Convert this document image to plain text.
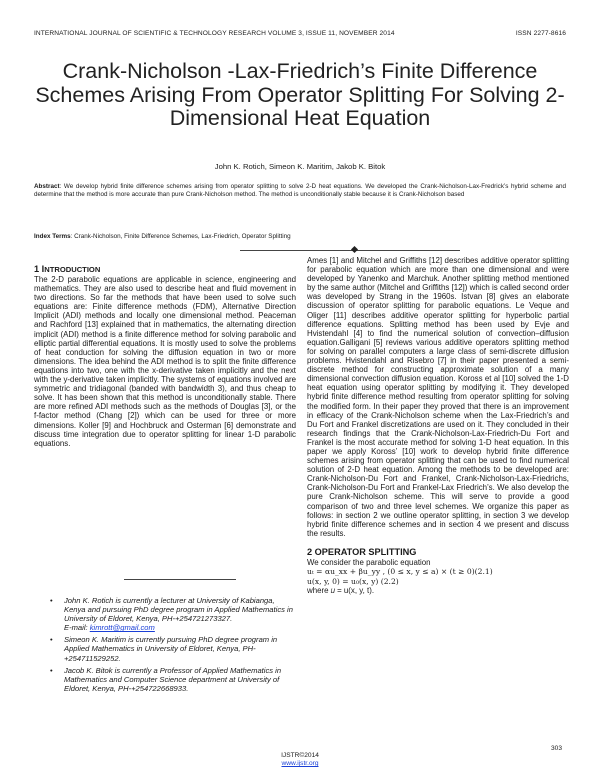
INTERNATIONAL JOURNAL OF SCIENTIFIC & TECHNOLOGY RESEARCH VOLUME 3, ISSUE 11, NOVEMBER 2014	ISSN 2277-8616
Crank-Nicholson -Lax-Friedrich’s Finite Difference Schemes Arising From Operator Splitting For Solving 2-Dimensional Heat Equation
John K. Rotich, Simeon K. Maritim, Jakob K. Bitok
Abstract: We develop hybrid finite difference schemes arising from operator splitting to solve 2-D heat equations. We developed the Crank-Nicholson-Lax-Fredrick’s hybrid scheme and determine that the method is more accurate than pure Crank-Nicholson method. The method is unconditionally stable because it is Crank-Nicholson based
Index Terms: Crank-Nicholson, Finite Difference Schemes, Lax-Friedrich, Operator Splitting
1 INTRODUCTION
The 2-D parabolic equations are applicable in science, engineering and mathematics. They are also used to describe heat and fluid movement in two directions. So far the methods that have been used to solve such equations are: Finite difference methods (FDM), Alternative Direction Implicit (ADI) methods and locally one dimensional method. Peaceman and Rachford [13] explained that in mathematics, the alternating direction implicit (ADI) method is a finite difference method for solving parabolic and elliptic partial differential equations. It is mostly used to solve the problems of heat conduction for solving the diffusion equation in two or more dimensions. The idea behind the ADI method is to split the finite difference equations into two, one with the x-derivative taken implicitly and the next with the y-derivative taken implicitly. The systems of equations involved are symmetric and tridiagonal (banded with bandwidth 3), and thus cheap to solve. It has been shown that this method is unconditionally stable. There are more refined ADI methods such as the methods of Douglas [3], or the f-factor method (Chang [2]) which can be used for three or more dimensions. Koller [9] and Hochbruck and Osterman [6] demonstrate and discuss time integration due to operator splitting for linear 1-D parabolic equations.
• John K. Rotich is currently a lecturer at University of Kabianga, Kenya and pursuing PhD degree program in Applied Mathematics in University of Eldoret, Kenya, PH-+254721273327.
E-mail: kimrott@gmail.com
• Simeon K. Maritim is currently pursuing PhD degree program in Applied Mathematics in University of Eldoret, Kenya, PH-+254711529252.
• Jacob K. Bitok is currently a Professor of Applied Mathematics in Mathematics and Computer Science department at University of Eldoret, Kenya, PH-+254722668933.
Ames [1] and Mitchel and Griffiths [12] describes additive operator splitting for parabolic equation which are more than one dimensional and were developed by Yanenko and Marchuk. Another splitting method mentioned by the same author (Mitchel and Griffiths [12]) which is called second order was developed by Strang in the 1960s. Istvan [8] gives an elaborate discussion of operator splitting for parabolic equations. Le Veque and Oliger [11] describes additive operator splitting for hyperbolic partial difference equations. Splitting method has been used by Evje and Hvistendahl [4] to find the numerical solution of convection–diffusion equation.Galligani [5] reviews various additive operators splitting method for solving on parallel computers a large class of semi-discrete diffusion problems. Hvistendahl and Risebro [7] in their paper presented a semi-discrete method for constructing approximate solution of a many dimensional convection diffusion equation. Koross et al [10] solved the 1-D heat equation using operator splitting by modifying it. They developed hybrid finite difference method resulting from operator splitting for solving the modified form. In their paper they proved that there is an improvement in efficacy of the Crank-Nicholson scheme when the Lax-Friedrich’s and Du Fort and Frankel discretizations are used on it. They concluded in their research findings that the Crank-Nicholson-Lax-Friedrich-Du Fort and Frankel is the most accurate method for solving 1-D heat equation. In this paper we apply Koross’ [10] work to develop hybrid finite difference schemes arising from operator splitting that can be used to find numerical solution of 2-D heat equation. Among the methods to be developed are: Crank-Nicholson-Du Fort and Frankel, Crank-Nicholson-Lax-Friedrichs, Crank-Nicholson-Du Fort and Frankel-Lax Friedrich’s. We also develop the pure Crank-Nicholson scheme. This will serve to provide a good comparison of two and three level schemes. We organize this paper as follows: in section 2 we outline operator splitting, in section 3 we develop hybrid finite difference schemes and in section 4 we present and discuss the results.
2 OPERATOR SPLITTING
We consider the parabolic equation
uₜ = αu_xx + βu_yy , (0 ≤ x, y ≤ a) × (t ≥ 0)(2.1)
u(x, y, 0) = u₀(x, y) (2.2)
where 𝑢 = u(x, y, t).
303
IJSTR©2014
www.ijstr.org
